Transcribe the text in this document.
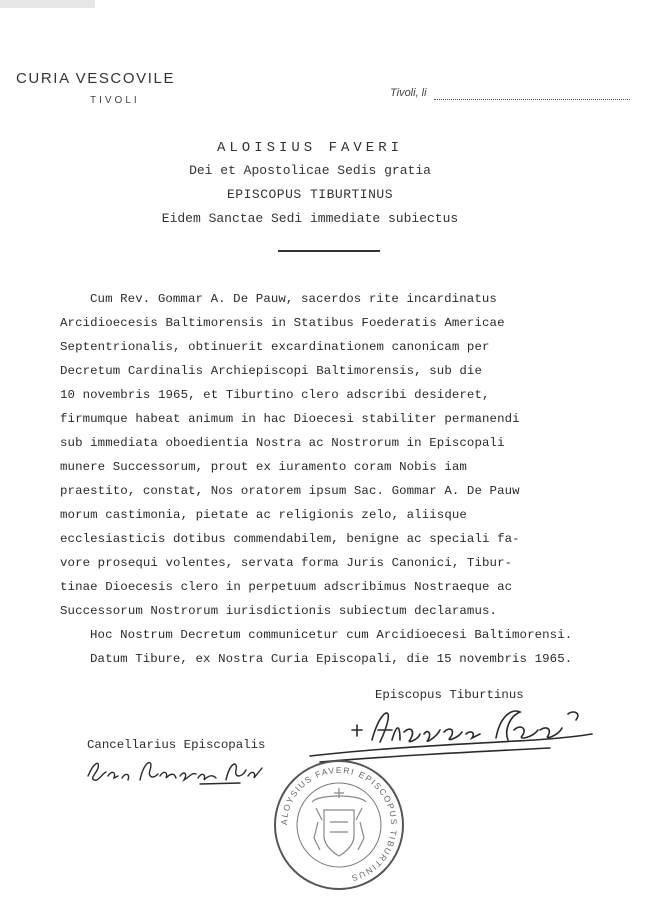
CURIA VESCOVILE
TIVOLI
Tivoli, li
ALOISIUS FAVERI
Dei et Apostolicae Sedis gratia
EPISCOPUS TIBURTINUS
Eidem Sanctae Sedi immediate subiectus
Cum Rev. Gommar A. De Pauw, sacerdos rite incardinatus
Arcidioecesis Baltimorensis in Statibus Foederatis Americae
Septentrionalis, obtinuerit excardinationem canonicam per
Decretum Cardinalis Archiepiscopi Baltimorensis, sub die
10 novembris 1965, et Tiburtino clero adscribi desideret,
firmumque habeat animum in hac Dioecesi stabiliter permanendi
sub immediata oboedientia Nostra ac Nostrorum in Episcopali
munere Successorum, prout ex iuramento coram Nobis iam
praestito, constat, Nos oratorem ipsum Sac. Gommar A. De Pauw
morum castimonia, pietate ac religionis zelo, aliisque
ecclesiasticis dotibus commendabilem, benigne ac speciali fa-
vore prosequi volentes, servata forma Juris Canonici, Tibur-
tinae Dioecesis clero in perpetuum adscribimus Nostraeque ac
Successorum Nostrorum iurisdictionis subiectum declaramus.
Hoc Nostrum Decretum communicetur cum Arcidioecesi Baltimorensi.
Datum Tibure, ex Nostra Curia Episcopali, die 15 novembris 1965.
Episcopus Tiburtinus
Cancellarius Episcopalis
ALOYSIUS FAVERI EPISCOPUS TIBURTINUS
